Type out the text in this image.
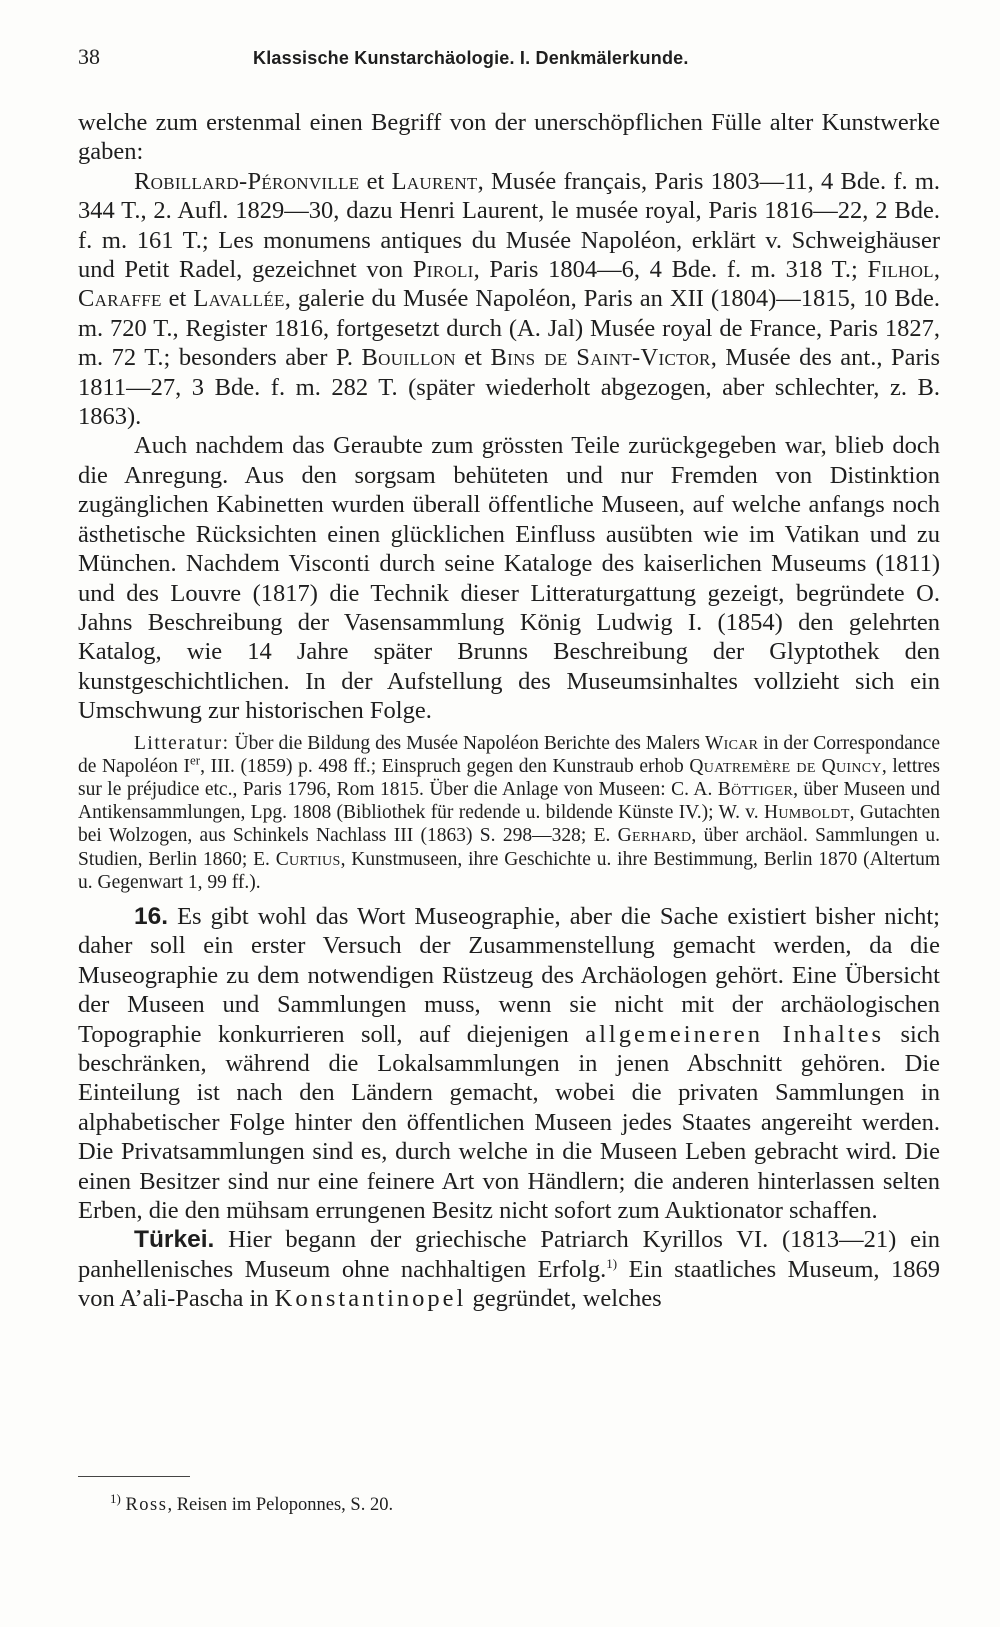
38	Klassische Kunstarchäologie. I. Denkmälerkunde.

welche zum erstenmal einen Begriff von der unerschöpflichen Fülle alter Kunstwerke gaben:

Robillard-Péronville et Laurent, Musée français, Paris 1803—11, 4 Bde. f. m. 344 T., 2. Aufl. 1829—30, dazu Henri Laurent, le musée royal, Paris 1816—22, 2 Bde. f. m. 161 T.; Les monumens antiques du Musée Napoléon, erklärt v. Schweighäuser und Petit Radel, gezeichnet von Piroli, Paris 1804—6, 4 Bde. f. m. 318 T.; Filhol, Caraffe et Lavallée, galerie du Musée Napoléon, Paris an XII (1804)—1815, 10 Bde. m. 720 T., Register 1816, fortgesetzt durch (A. Jal) Musée royal de France, Paris 1827, m. 72 T.; besonders aber P. Bouillon et Bins de Saint-Victor, Musée des ant., Paris 1811—27, 3 Bde. f. m. 282 T. (später wiederholt abgezogen, aber schlechter, z. B. 1863).

Auch nachdem das Geraubte zum grössten Teile zurückgegeben war, blieb doch die Anregung. Aus den sorgsam behüteten und nur Fremden von Distinktion zugänglichen Kabinetten wurden überall öffentliche Museen, auf welche anfangs noch ästhetische Rücksichten einen glücklichen Einfluss ausübten wie im Vatikan und zu München. Nachdem Visconti durch seine Kataloge des kaiserlichen Museums (1811) und des Louvre (1817) die Technik dieser Litteraturgattung gezeigt, begründete O. Jahns Beschreibung der Vasensammlung König Ludwig I. (1854) den gelehrten Katalog, wie 14 Jahre später Brunns Beschreibung der Glyptothek den kunstgeschichtlichen. In der Aufstellung des Museumsinhaltes vollzieht sich ein Umschwung zur historischen Folge.

Litteratur: Über die Bildung des Musée Napoléon Berichte des Malers Wicar in der Correspondance de Napoléon Ier, III. (1859) p. 498 ff.; Einspruch gegen den Kunstraub erhob Quatremère de Quincy, lettres sur le préjudice etc., Paris 1796, Rom 1815. Über die Anlage von Museen: C. A. Böttiger, über Museen und Antikensammlungen, Lpg. 1808 (Bibliothek für redende u. bildende Künste IV.); W. v. Humboldt, Gutachten bei Wolzogen, aus Schinkels Nachlass III (1863) S. 298—328; E. Gerhard, über archäol. Sammlungen u. Studien, Berlin 1860; E. Curtius, Kunstmuseen, ihre Geschichte u. ihre Bestimmung, Berlin 1870 (Altertum u. Gegenwart 1, 99 ff.).

16. Es gibt wohl das Wort Museographie, aber die Sache existiert bisher nicht; daher soll ein erster Versuch der Zusammenstellung gemacht werden, da die Museographie zu dem notwendigen Rüstzeug des Archäologen gehört. Eine Übersicht der Museen und Sammlungen muss, wenn sie nicht mit der archäologischen Topographie konkurrieren soll, auf diejenigen allgemeineren Inhaltes sich beschränken, während die Lokalsammlungen in jenen Abschnitt gehören. Die Einteilung ist nach den Ländern gemacht, wobei die privaten Sammlungen in alphabetischer Folge hinter den öffentlichen Museen jedes Staates angereiht werden. Die Privatsammlungen sind es, durch welche in die Museen Leben gebracht wird. Die einen Besitzer sind nur eine feinere Art von Händlern; die anderen hinterlassen selten Erben, die den mühsam errungenen Besitz nicht sofort zum Auktionator schaffen.

Türkei. Hier begann der griechische Patriarch Kyrillos VI. (1813—21) ein panhellenisches Museum ohne nachhaltigen Erfolg.$^{1)}$ Ein staatliches Museum, 1869 von A’ali-Pascha in Konstantinopel gegründet, welches

$^{1)}$ Ross, Reisen im Peloponnes, S. 20.
